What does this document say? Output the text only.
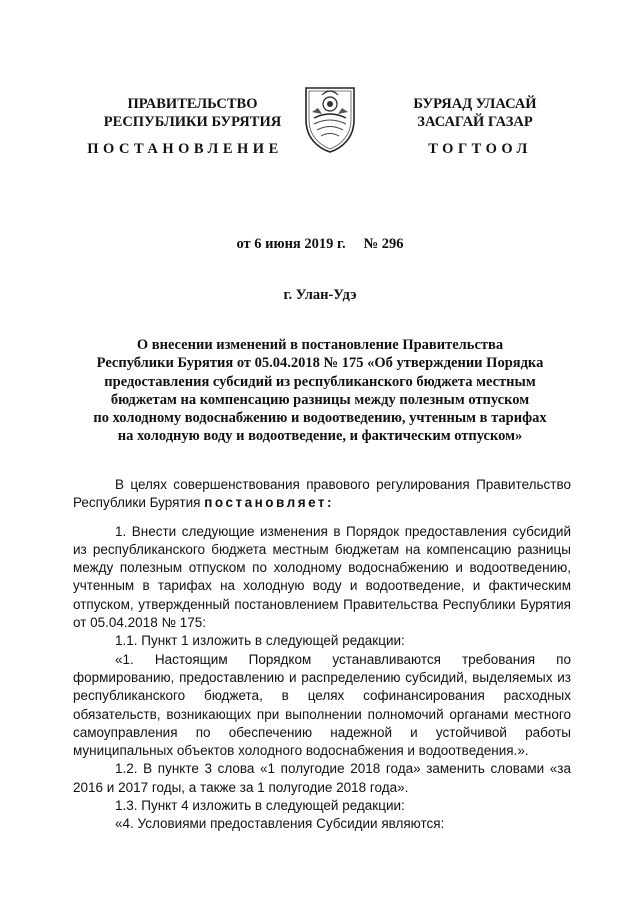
ПРАВИТЕЛЬСТВО
РЕСПУБЛИКИ БУРЯТИЯ
БУРЯАД УЛАСАЙ
ЗАСАГАЙ ГАЗАР
ПОСТАНОВЛЕНИЕ	ТОГТООЛ
от 6 июня 2019 г. № 296
г. Улан-Удэ
О внесении изменений в постановление Правительства
Республики Бурятия от 05.04.2018 № 175 «Об утверждении Порядка
предоставления субсидий из республиканского бюджета местным
бюджетам на компенсацию разницы между полезным отпуском
по холодному водоснабжению и водоотведению, учтенным в тарифах
на холодную воду и водоотведение, и фактическим отпуском»

В целях совершенствования правового регулирования Правительство Республики Бурятия постановляет:

1. Внести следующие изменения в Порядок предоставления субсидий из республиканского бюджета местным бюджетам на компенсацию разницы между полезным отпуском по холодному водоснабжению и водоотведению, учтенным в тарифах на холодную воду и водоотведение, и фактическим отпуском, утвержденный постановлением Правительства Республики Бурятия от 05.04.2018 № 175:

1.1. Пункт 1 изложить в следующей редакции:

«1. Настоящим Порядком устанавливаются требования по формированию, предоставлению и распределению субсидий, выделяемых из республиканского бюджета, в целях софинансирования расходных обязательств, возникающих при выполнении полномочий органами местного самоуправления по обеспечению надежной и устойчивой работы муниципальных объектов холодного водоснабжения и водоотведения.».

1.2. В пункте 3 слова «1 полугодие 2018 года» заменить словами «за 2016 и 2017 годы, а также за 1 полугодие 2018 года».

1.3. Пункт 4 изложить в следующей редакции:

«4. Условиями предоставления Субсидии являются:
